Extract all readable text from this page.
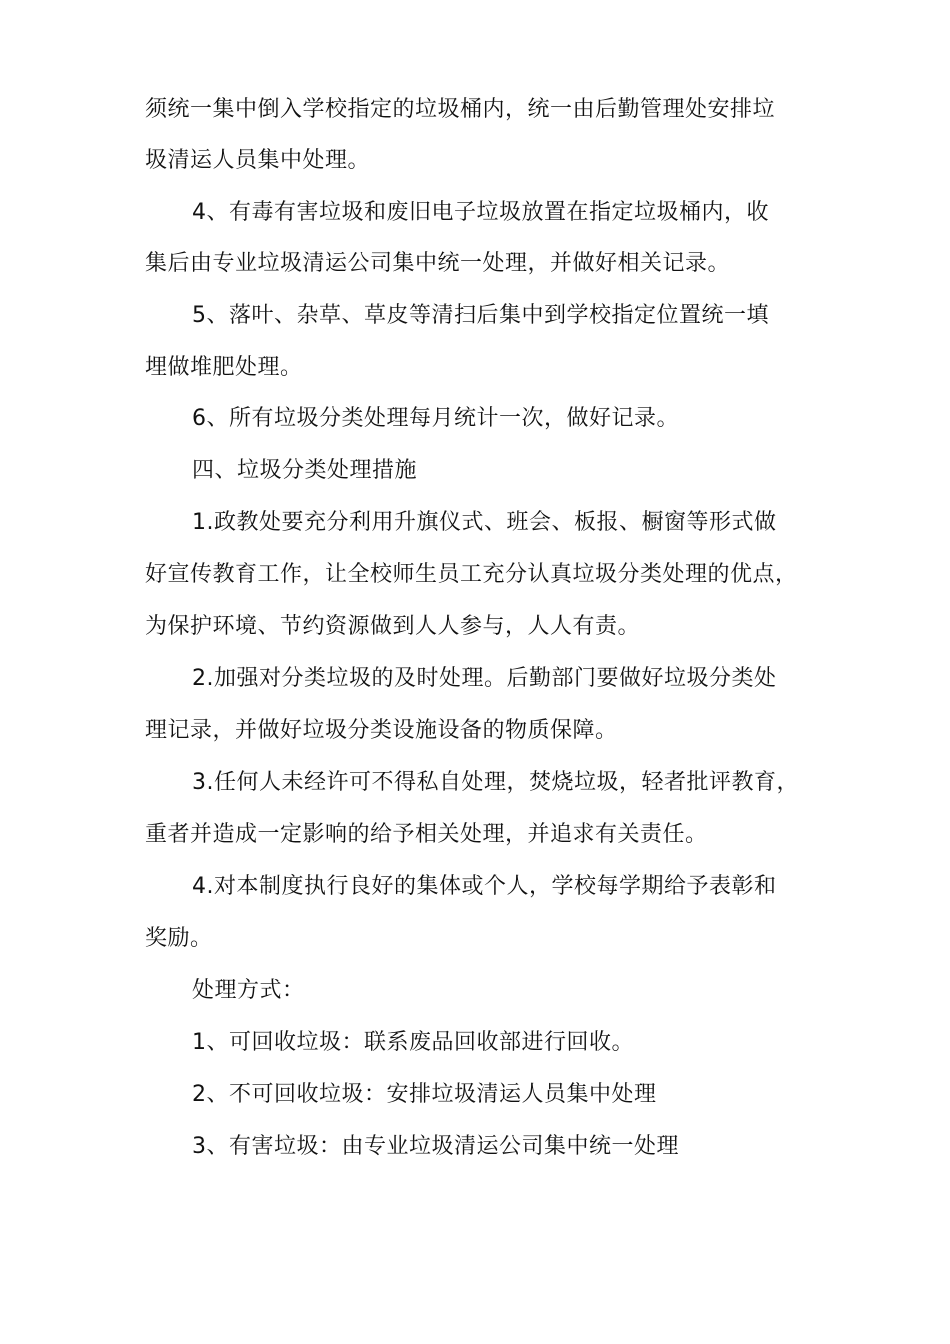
须统一集中倒入学校指定的垃圾桶内，统一由后勤管理处安排垃
圾清运人员集中处理。
4、有毒有害垃圾和废旧电子垃圾放置在指定垃圾桶内，收
集后由专业垃圾清运公司集中统一处理，并做好相关记录。
5、落叶、杂草、草皮等清扫后集中到学校指定位置统一填
埋做堆肥处理。
6、所有垃圾分类处理每月统计一次，做好记录。
四、垃圾分类处理措施
1.政教处要充分利用升旗仪式、班会、板报、橱窗等形式做
好宣传教育工作，让全校师生员工充分认真垃圾分类处理的优点，
为保护环境、节约资源做到人人参与，人人有责。
2.加强对分类垃圾的及时处理。后勤部门要做好垃圾分类处
理记录，并做好垃圾分类设施设备的物质保障。
3.任何人未经许可不得私自处理，焚烧垃圾，轻者批评教育，
重者并造成一定影响的给予相关处理，并追求有关责任。
4.对本制度执行良好的集体或个人，学校每学期给予表彰和
奖励。
处理方式：
1、可回收垃圾：联系废品回收部进行回收。
2、不可回收垃圾：安排垃圾清运人员集中处理
3、有害垃圾：由专业垃圾清运公司集中统一处理
